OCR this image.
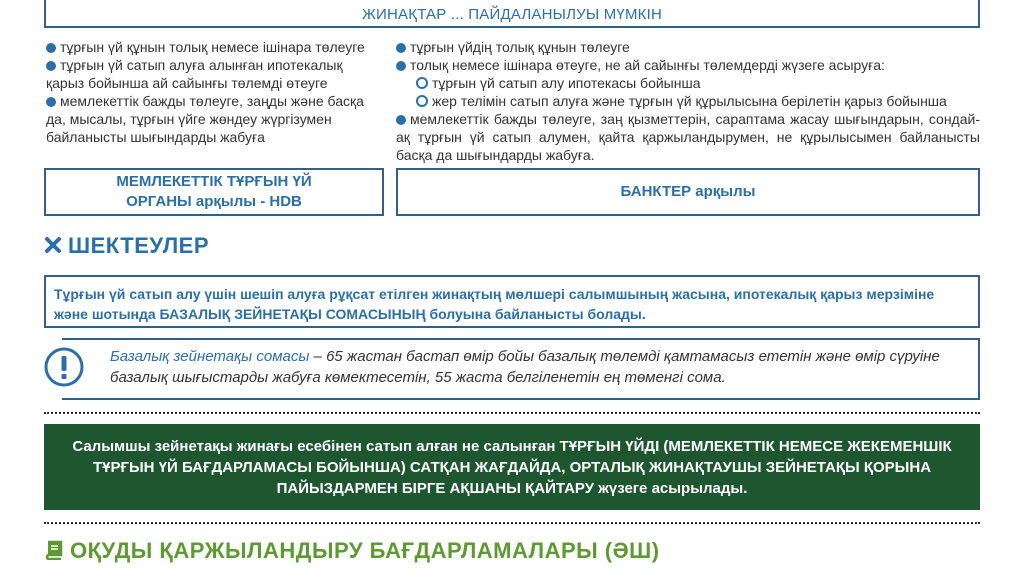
ЖИНАҚТАР ... ПАЙДАЛАНЫЛУЫ МҮМКІН

тұрғын үй құнын толық немесе ішінара төлеуге

тұрғын үй сатып алуға алынған ипотекалық қарыз бойынша ай сайынғы төлемді өтеуге

мемлекеттік бажды төлеуге, заңды және басқа да, мысалы, тұрғын үйге жөндеу жүргізумен байланысты шығындарды жабуға

тұрғын үйдің толық құнын төлеуге

толық немесе ішінара өтеуге, не ай сайынғы төлемдерді жүзеге асыруға:

тұрғын үй сатып алу ипотекасы бойынша

жер телімін сатып алуға және тұрғын үй құрылысына берілетін қарыз бойынша

мемлекеттік бажды төлеуге, заң қызметтерін, сараптама жасау шығындарын, сондай-ақ тұрғын үй сатып алумен, қайта қаржыландырумен, не құрылысымен байланысты басқа да шығындарды жабуға.

МЕМЛЕКЕТТІК ТҰРҒЫН ҮЙ
ОРГАНЫ арқылы - HDB
БАНКТЕР арқылы
ШЕКТЕУЛЕР
Тұрғын үй сатып алу үшін шешіп алуға рұқсат етілген жинақтың мөлшері салымшының жасына, ипотекалық қарыз мерзіміне және шотында БАЗАЛЫҚ ЗЕЙНЕТАҚЫ СОМАСЫНЫҢ болуына байланысты болады.
Базалық зейнетақы сомасы – 65 жастан бастап өмір бойы базалық төлемді қамтамасыз ететін және өмір сүруіне базалық шығыстарды жабуға көмектесетін, 55 жаста белгіленетін ең төменгі сома.
Салымшы зейнетақы жинағы есебінен сатып алған не салынған ТҰРҒЫН ҮЙДІ (МЕМЛЕКЕТТІК НЕМЕСЕ ЖЕКЕМЕНШІК ТҰРҒЫН ҮЙ БАҒДАРЛАМАСЫ БОЙЫНША) САТҚАН ЖАҒДАЙДА, ОРТАЛЫҚ ЖИНАҚТАУШЫ ЗЕЙНЕТАҚЫ ҚОРЫНА ПАЙЫЗДАРМЕН БІРГЕ АҚШАНЫ ҚАЙТАРУ жүзеге асырылады.
ОҚУДЫ ҚАРЖЫЛАНДЫРУ БАҒДАРЛАМАЛАРЫ (ӘШ)
